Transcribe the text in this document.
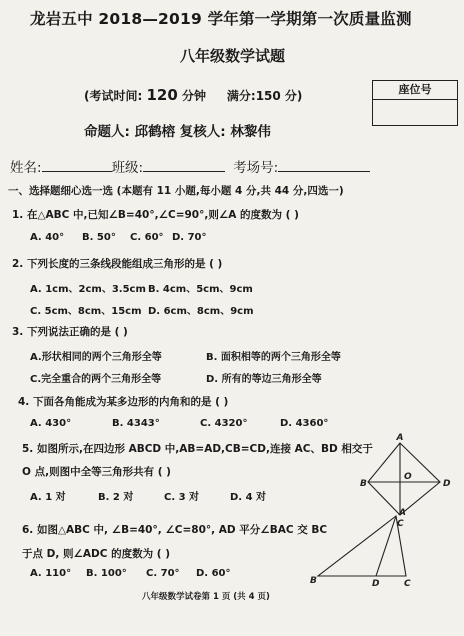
龙岩五中 2018—2019 学年第一学期第一次质量监测
八年级数学试题
(考试时间: 120 分钟 满分:150 分)	座位号
命题人: 邱鹤榕 复核人: 林黎伟
姓名:	班级:	考场号:
一、选择题细心选一选 (本题有 11 小题,每小题 4 分,共 44 分,四选一)
1. 在△ABC 中,已知∠B=40°,∠C=90°,则∠A 的度数为 ( )
A. 40° B. 50° C. 60° D. 70°
2. 下列长度的三条线段能组成三角形的是 ( )
A. 1cm、2cm、3.5cm B. 4cm、5cm、9cm
C. 5cm、8cm、15cm D. 6cm、8cm、9cm
3. 下列说法正确的是 ( )
A.形状相同的两个三角形全等	B. 面积相等的两个三角形全等
C.完全重合的两个三角形全等	D. 所有的等边三角形全等
4. 下面各角能成为某多边形的内角和的是 ( )
A. 430°	B. 4343°	C. 4320°	D. 4360°
5. 如图所示,在四边形 ABCD 中,AB=AD,CB=CD,连接 AC、BD 相交于
O 点,则图中全等三角形共有 ( )
A. 1 对	B. 2 对	C. 3 对	D. 4 对
6. 如图△ABC 中, ∠B=40°, ∠C=80°, AD 平分∠BAC 交 BC
于点 D, 则∠ADC 的度数为 ( )
A. 110° B. 100° C. 70° D. 60°
A
B
O
D
C
A
B	D	C
八年级数学试卷第 1 页 (共 4 页)
